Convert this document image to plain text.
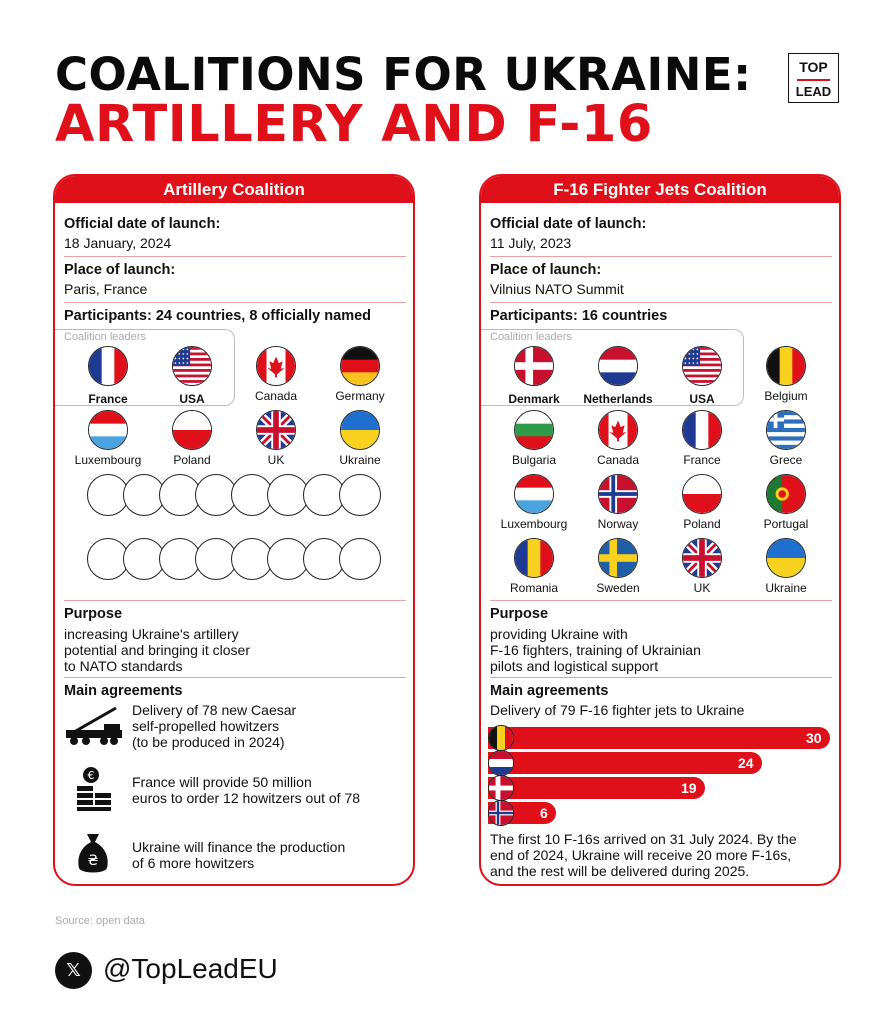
COALITIONS FOR UKRAINE:
ARTILLERY AND F-16
TOP
LEAD
Artillery Coalition
Official date of launch:
18 January, 2024
Place of launch:
Paris, France
Participants: 24 countries, 8 officially named
Coalition leaders
France	USA	Canada	Germany
Luxembourg	Poland	UK	Ukraine
Purpose
increasing Ukraine's artillery
potential and bringing it closer
to NATO standards
Main agreements
Delivery of 78 new Caesar
self-propelled howitzers
(to be produced in 2024)
€	France will provide 50 million
euros to order 12 howitzers out of 78
₴
Ukraine will finance the production
of 6 more howitzers
F-16 Fighter Jets Coalition
Official date of launch:
11 July, 2023
Place of launch:
Vilnius NATO Summit
Participants: 16 countries
Coalition leaders
Denmark	Netherlands	USA	Belgium
Bulgaria	Canada	France	Grece
Luxembourg	Norway	Poland	Portugal
Romania	Sweden	UK	Ukraine
Purpose
providing Ukraine with
F-16 fighters, training of Ukrainian
pilots and logistical support
Main agreements
Delivery of 79 F-16 fighter jets to Ukraine
30
24
19
6
The first 10 F-16s arrived on 31 July 2024. By the
end of 2024, Ukraine will receive 20 more F-16s,
and the rest will be delivered during 2025.
Source: open data
𝕏 @TopLeadEU
